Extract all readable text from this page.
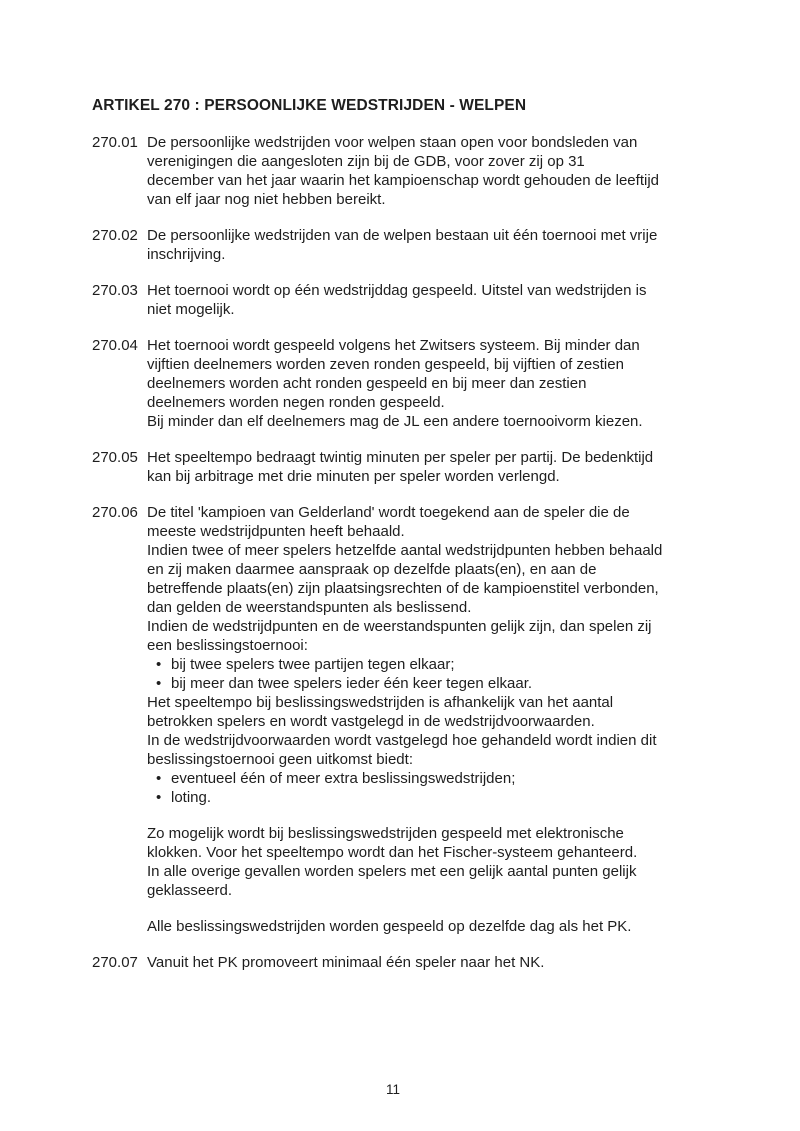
ARTIKEL 270 : PERSOONLIJKE WEDSTRIJDEN - WELPEN
270.01 De persoonlijke wedstrijden voor welpen staan open voor bondsleden van
verenigingen die aangesloten zijn bij de GDB, voor zover zij op 31
december van het jaar waarin het kampioenschap wordt gehouden de leeftijd
van elf jaar nog niet hebben bereikt.
270.02 De persoonlijke wedstrijden van de welpen bestaan uit één toernooi met vrije
inschrijving.
270.03 Het toernooi wordt op één wedstrijddag gespeeld. Uitstel van wedstrijden is
niet mogelijk.
270.04 Het toernooi wordt gespeeld volgens het Zwitsers systeem. Bij minder dan
vijftien deelnemers worden zeven ronden gespeeld, bij vijftien of zestien
deelnemers worden acht ronden gespeeld en bij meer dan zestien
deelnemers worden negen ronden gespeeld.
Bij minder dan elf deelnemers mag de JL een andere toernooivorm kiezen.
270.05 Het speeltempo bedraagt twintig minuten per speler per partij. De bedenktijd
kan bij arbitrage met drie minuten per speler worden verlengd.
270.06 De titel 'kampioen van Gelderland' wordt toegekend aan de speler die de
meeste wedstrijdpunten heeft behaald.
Indien twee of meer spelers hetzelfde aantal wedstrijdpunten hebben behaald
en zij maken daarmee aanspraak op dezelfde plaats(en), en aan de
betreffende plaats(en) zijn plaatsingsrechten of de kampioenstitel verbonden,
dan gelden de weerstandspunten als beslissend.
Indien de wedstrijdpunten en de weerstandspunten gelijk zijn, dan spelen zij
een beslissingstoernooi:
• bij twee spelers twee partijen tegen elkaar;
• bij meer dan twee spelers ieder één keer tegen elkaar.
Het speeltempo bij beslissingswedstrijden is afhankelijk van het aantal
betrokken spelers en wordt vastgelegd in de wedstrijdvoorwaarden.
In de wedstrijdvoorwaarden wordt vastgelegd hoe gehandeld wordt indien dit
beslissingstoernooi geen uitkomst biedt:
• eventueel één of meer extra beslissingswedstrijden;
• loting.
Zo mogelijk wordt bij beslissingswedstrijden gespeeld met elektronische
klokken. Voor het speeltempo wordt dan het Fischer-systeem gehanteerd.
In alle overige gevallen worden spelers met een gelijk aantal punten gelijk
geklasseerd.
Alle beslissingswedstrijden worden gespeeld op dezelfde dag als het PK.
270.07 Vanuit het PK promoveert minimaal één speler naar het NK.
11
